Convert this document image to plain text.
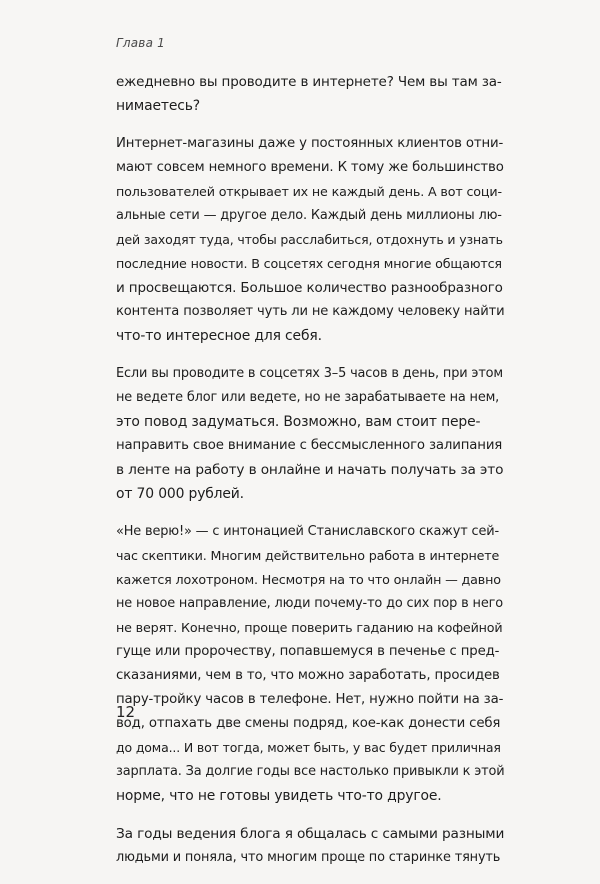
Глава 1

ежедневно вы проводите в интернете? Чем вы там за-
нимаетесь?

Интернет-магазины даже у постоянных клиентов отни-
мают совсем немного времени. К тому же большинство
пользователей открывает их не каждый день. А вот соци-
альные сети — другое дело. Каждый день миллионы лю-
дей заходят туда, чтобы расслабиться, отдохнуть и узнать
последние новости. В соцсетях сегодня многие общаются
и просвещаются. Большое количество разнообразного
контента позволяет чуть ли не каждому человеку найти
что-то интересное для себя.

Если вы проводите в соцсетях 3–5 часов в день, при этом
не ведете блог или ведете, но не зарабатываете на нем,
это повод задуматься. Возможно, вам стоит пере-
направить свое внимание с бессмысленного залипания
в ленте на работу в онлайне и начать получать за это
от 70 000 рублей.

«Не верю!» — с интонацией Станиславского скажут сей-
час скептики. Многим действительно работа в интернете
кажется лохотроном. Несмотря на то что онлайн — давно
не новое направление, люди почему-то до сих пор в него
не верят. Конечно, проще поверить гаданию на кофейной
гуще или пророчеству, попавшемуся в печенье с пред-
сказаниями, чем в то, что можно заработать, просидев
пару-тройку часов в телефоне. Нет, нужно пойти на за-
вод, отпахать две смены подряд, кое-как донести себя
до дома... И вот тогда, может быть, у вас будет приличная
зарплата. За долгие годы все настолько привыкли к этой
норме, что не готовы увидеть что-то другое.

За годы ведения блога я общалась с самыми разными
людьми и поняла, что многим проще по старинке тянуть

12
